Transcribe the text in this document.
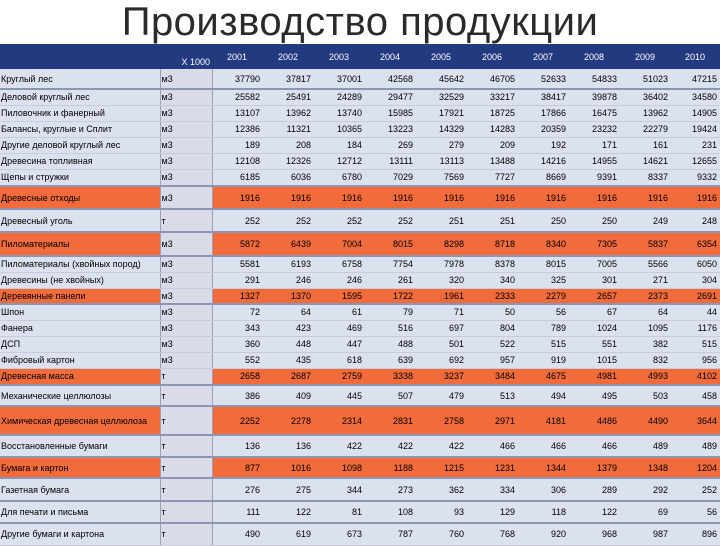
Производство продукции
	Х 1000	2001	2002	2003	2004	2005	2006	2007	2008	2009	2010
Круглый лес	м3	37790	37817	37001	42568	45642	46705	52633	54833	51023	47215
Деловой круглый лес	м3	25582	25491	24289	29477	32529	33217	38417	39878	36402	34580
Пиловочник и фанерный	м3	13107	13962	13740	15985	17921	18725	17866	16475	13962	14905
Балансы, круглые и Сплит	м3	12386	11321	10365	13223	14329	14283	20359	23232	22279	19424
Другие деловой круглый лес	м3	189	208	184	269	279	209	192	171	161	231
Древесина топливная	м3	12108	12326	12712	13111	13113	13488	14216	14955	14621	12655
Щепы и стружки	м3	6185	6036	6780	7029	7569	7727	8669	9391	8337	9332
Древесные отходы	м3	1916	1916	1916	1916	1916	1916	1916	1916	1916	1916
Древесный уголь	т	252	252	252	252	251	251	250	250	249	248
Пиломатериалы	м3	5872	6439	7004	8015	8298	8718	8340	7305	5837	6354
Пиломатериалы (хвойных пород)	м3	5581	6193	6758	7754	7978	8378	8015	7005	5566	6050
Древесины (не хвойных)	м3	291	246	246	261	320	340	325	301	271	304
Деревянные панели	м3	1327	1370	1595	1722	1961	2333	2279	2657	2373	2691
Шпон	м3	72	64	61	79	71	50	56	67	64	44
Фанера	м3	343	423	469	516	697	804	789	1024	1095	1176
ДСП	м3	360	448	447	488	501	522	515	551	382	515
Фибровый картон	м3	552	435	618	639	692	957	919	1015	832	956
Древесная масса	т	2658	2687	2759	3338	3237	3484	4675	4981	4993	4102
Механические целлюлозы	т	386	409	445	507	479	513	494	495	503	458
Химическая древесная целлюлоза	т	2252	2278	2314	2831	2758	2971	4181	4486	4490	3644
Восстановленные бумаги	т	136	136	422	422	422	466	466	466	489	489
Бумага и картон	т	877	1016	1098	1188	1215	1231	1344	1379	1348	1204
Газетная бумага	т	276	275	344	273	362	334	306	289	292	252
Для печати и письма	т	111	122	81	108	93	129	118	122	69	56
Другие бумаги и картона	т	490	619	673	787	760	768	920	968	987	896
